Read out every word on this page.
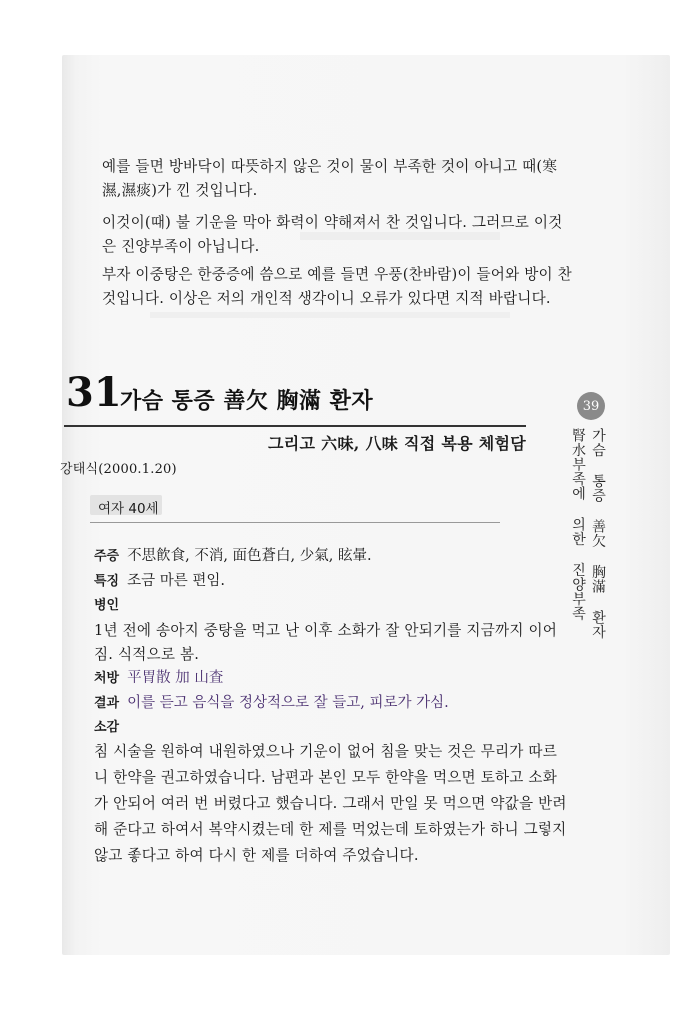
예를 들면 방바닥이 따뜻하지 않은 것이 물이 부족한 것이 아니고 때(寒

濕,濕痰)가 낀 것입니다.

이것이(때) 불 기운을 막아 화력이 약해져서 찬 것입니다. 그러므로 이것

은 진양부족이 아닙니다.

부자 이중탕은 한중증에 씀으로 예를 들면 우풍(찬바람)이 들어와 방이 찬

것입니다. 이상은 저의 개인적 생각이니 오류가 있다면 지적 바랍니다.

31
가슴 통증 善欠 胸滿 환자
그리고 六味, 八味 직접 복용 체험담
강태식(2000.1.20)
여자 40세

주증 不思飮食, 不消, 面色蒼白, 少氣, 眩暈.

특징 조금 마른 편임.

병인

1년 전에 송아지 중탕을 먹고 난 이후 소화가 잘 안되기를 지금까지 이어

짐. 식적으로 봄.

처방 平胃散 加 山査

결과 이를 듣고 음식을 정상적으로 잘 들고, 피로가 가심.

소감

침 시술을 원하여 내원하였으나 기운이 없어 침을 맞는 것은 무리가 따르

니 한약을 권고하였습니다. 남편과 본인 모두 한약을 먹으면 토하고 소화

가 안되어 여러 번 버렸다고 했습니다. 그래서 만일 못 먹으면 약값을 반려

해 준다고 하여서 복약시켰는데 한 제를 먹었는데 토하였는가 하니 그렇지

않고 좋다고 하여 다시 한 제를 더하여 주었습니다.

39
가슴 통증 善欠 胸滿 환자
腎水부족에 의한 진양부족
